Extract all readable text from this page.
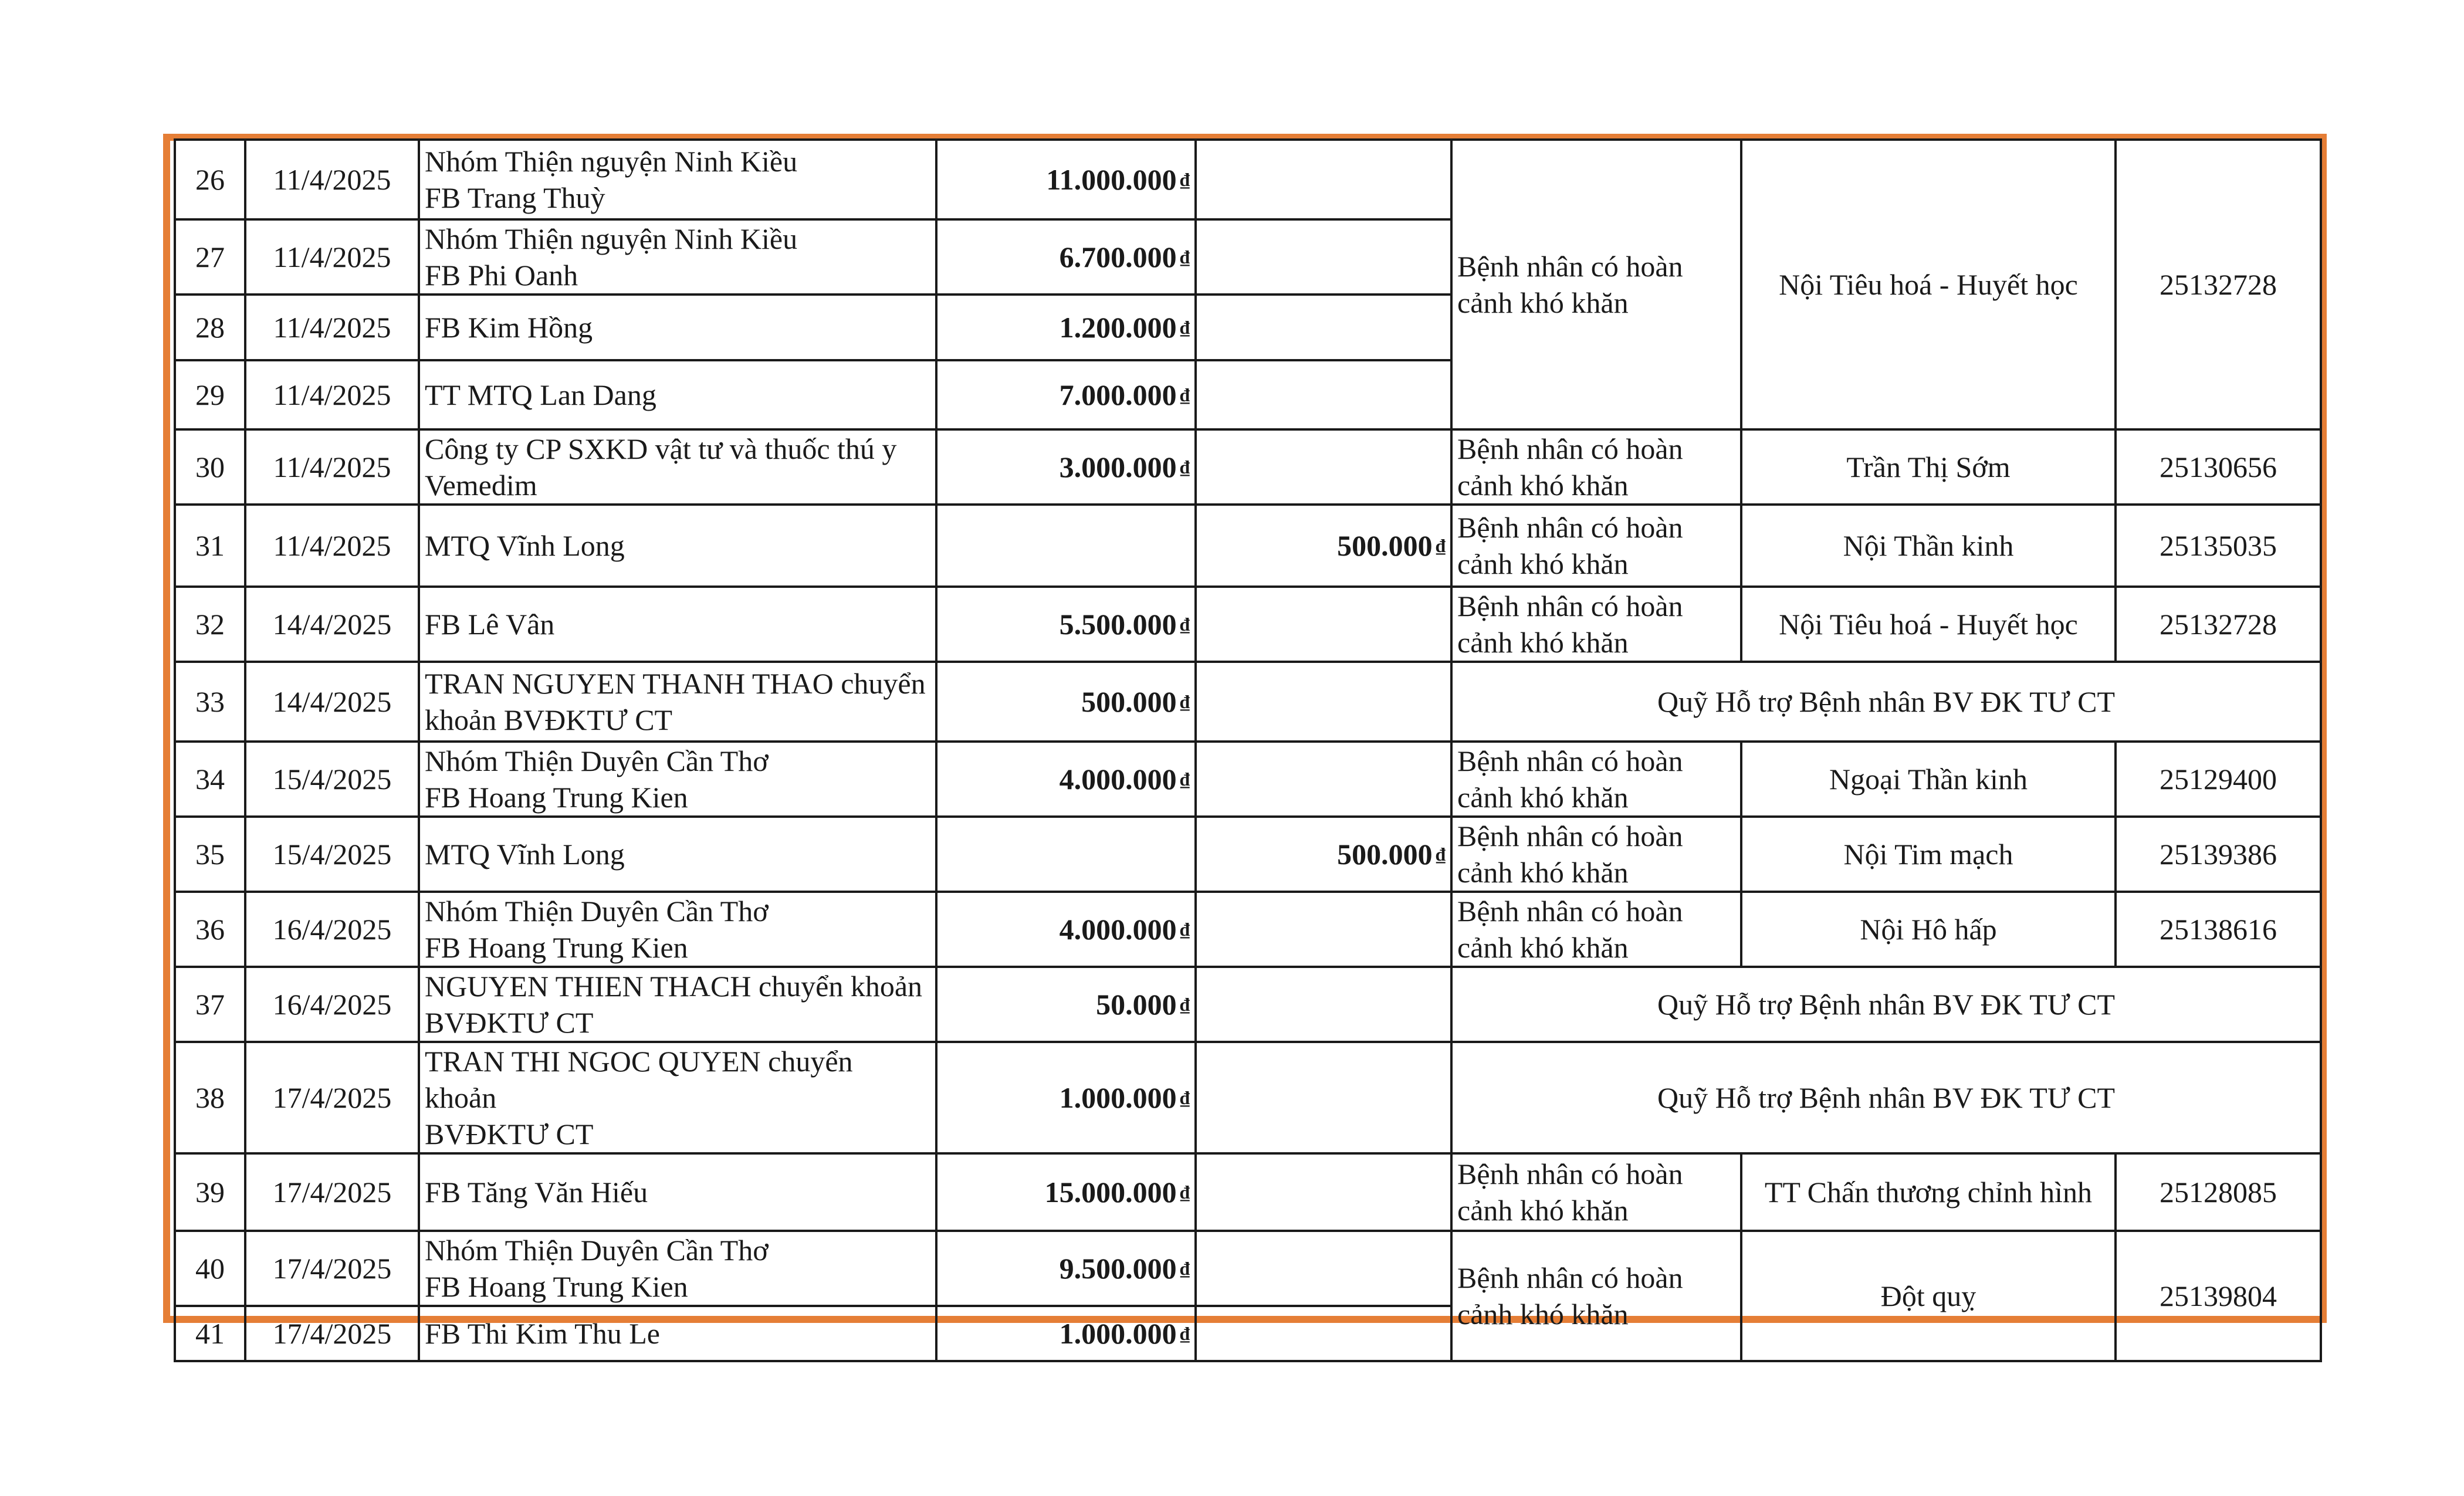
26	11/4/2025	Nhóm Thiện nguyện Ninh Kiều
FB Trang Thuỳ	11.000.000 ₫		Bệnh nhân có hoàn
cảnh khó khăn	Nội Tiêu hoá - Huyết học	25132728
27	11/4/2025	Nhóm Thiện nguyện Ninh Kiều
FB Phi Oanh	6.700.000 ₫				
28	11/4/2025	FB Kim Hồng	1.200.000 ₫				
29	11/4/2025	TT MTQ Lan Dang	7.000.000 ₫				
30	11/4/2025	Công ty CP SXKD vật tư và thuốc thú y
Vemedim	3.000.000 ₫		Bệnh nhân có hoàn
cảnh khó khăn	Trần Thị Sớm	25130656
31	11/4/2025	MTQ Vĩnh Long		500.000 ₫	Bệnh nhân có hoàn
cảnh khó khăn	Nội Thần kinh	25135035
32	14/4/2025	FB Lê Vân	5.500.000 ₫		Bệnh nhân có hoàn
cảnh khó khăn	Nội Tiêu hoá - Huyết học	25132728
33	14/4/2025	TRAN NGUYEN THANH THAO chuyển
khoản BVĐKTƯ CT	500.000 ₫		Quỹ Hỗ trợ Bệnh nhân BV ĐK TƯ CT		
34	15/4/2025	Nhóm Thiện Duyên Cần Thơ
FB Hoang Trung Kien	4.000.000 ₫		Bệnh nhân có hoàn
cảnh khó khăn	Ngoại Thần kinh	25129400
35	15/4/2025	MTQ Vĩnh Long		500.000 ₫	Bệnh nhân có hoàn
cảnh khó khăn	Nội Tim mạch	25139386
36	16/4/2025	Nhóm Thiện Duyên Cần Thơ
FB Hoang Trung Kien	4.000.000 ₫		Bệnh nhân có hoàn
cảnh khó khăn	Nội Hô hấp	25138616
37	16/4/2025	NGUYEN THIEN THACH chuyển khoản
BVĐKTƯ CT	50.000 ₫		Quỹ Hỗ trợ Bệnh nhân BV ĐK TƯ CT		
38	17/4/2025	TRAN THI NGOC QUYEN chuyển khoản
BVĐKTƯ CT	1.000.000 ₫		Quỹ Hỗ trợ Bệnh nhân BV ĐK TƯ CT		
39	17/4/2025	FB Tăng Văn Hiếu	15.000.000 ₫		Bệnh nhân có hoàn
cảnh khó khăn	TT Chấn thương chỉnh hình	25128085
40	17/4/2025	Nhóm Thiện Duyên Cần Thơ
FB Hoang Trung Kien	9.500.000 ₫		Bệnh nhân có hoàn
cảnh khó khăn	Đột quỵ	25139804
41	17/4/2025	FB Thi Kim Thu Le	1.000.000 ₫				
